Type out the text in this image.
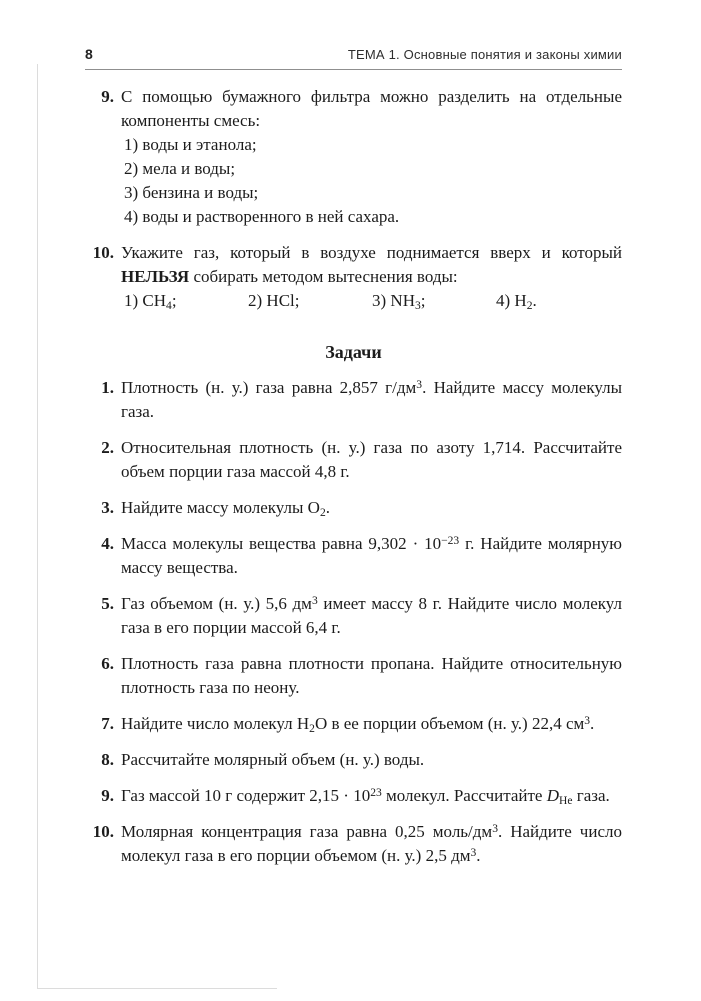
8	ТЕМА 1. Основные понятия и законы химии
9. С помощью бумажного фильтра можно разделить на отдельные компоненты смесь:
1) воды и этанола;
2) мела и воды;
3) бензина и воды;
4) воды и растворенного в ней сахара.
10. Укажите газ, который в воздухе поднимается вверх и который НЕЛЬЗЯ собирать методом вытеснения воды:
1) $CH_4$;	2) HCl;	3) $NH_3$;	4) $H_2$.
Задачи
1. Плотность (н. у.) газа равна 2,857 $г/дм^3$. Найдите массу молекулы газа.
2. Относительная плотность (н. у.) газа по азоту 1,714. Рассчитайте объем порции газа массой 4,8 г.
3. Найдите массу молекулы $O_2$.
4. Масса молекулы вещества равна $9,302 \cdot 10^{-23}$ г. Найдите молярную массу вещества.
5. Газ объемом (н. у.) 5,6 $дм^3$ имеет массу 8 г. Найдите число молекул газа в его порции массой 6,4 г.
6. Плотность газа равна плотности пропана. Найдите относительную плотность газа по неону.
7. Найдите число молекул $H_2O$ в ее порции объемом (н. у.) 22,4 $см^3$.
8. Рассчитайте молярный объем (н. у.) воды.
9. Газ массой 10 г содержит $2,15 \cdot 10^{23}$ молекул. Рассчитайте $D_{He}$ газа.
10. Молярная концентрация газа равна 0,25 моль/$дм^3$. Найдите число молекул газа в его порции объемом (н. у.) 2,5 $дм^3$.
